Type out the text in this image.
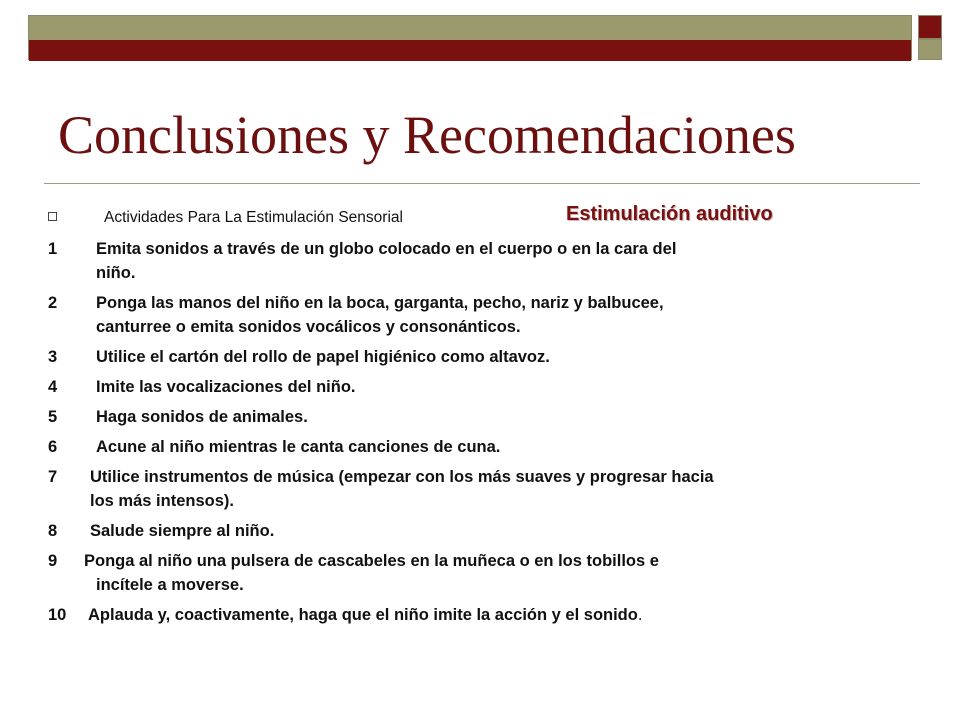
Conclusiones y Recomendaciones
Actividades Para La Estimulación Sensorial	Estimulación auditivo
1 Emita sonidos a través de un globo colocado en el cuerpo o en la cara del
niño.
2 Ponga las manos del niño en la boca, garganta, pecho, nariz y balbucee,
canturree o emita sonidos vocálicos y consonánticos.
3 Utilice el cartón del rollo de papel higiénico como altavoz.
4 Imite las vocalizaciones del niño.
5 Haga sonidos de animales.
6 Acune al niño mientras le canta canciones de cuna.
7 Utilice instrumentos de música (empezar con los más suaves y progresar hacia
los más intensos).
8 Salude siempre al niño.
9 Ponga al niño una pulsera de cascabeles en la muñeca o en los tobillos e
incítele a moverse.
10 Aplauda y, coactivamente, haga que el niño imite la acción y el sonido.
